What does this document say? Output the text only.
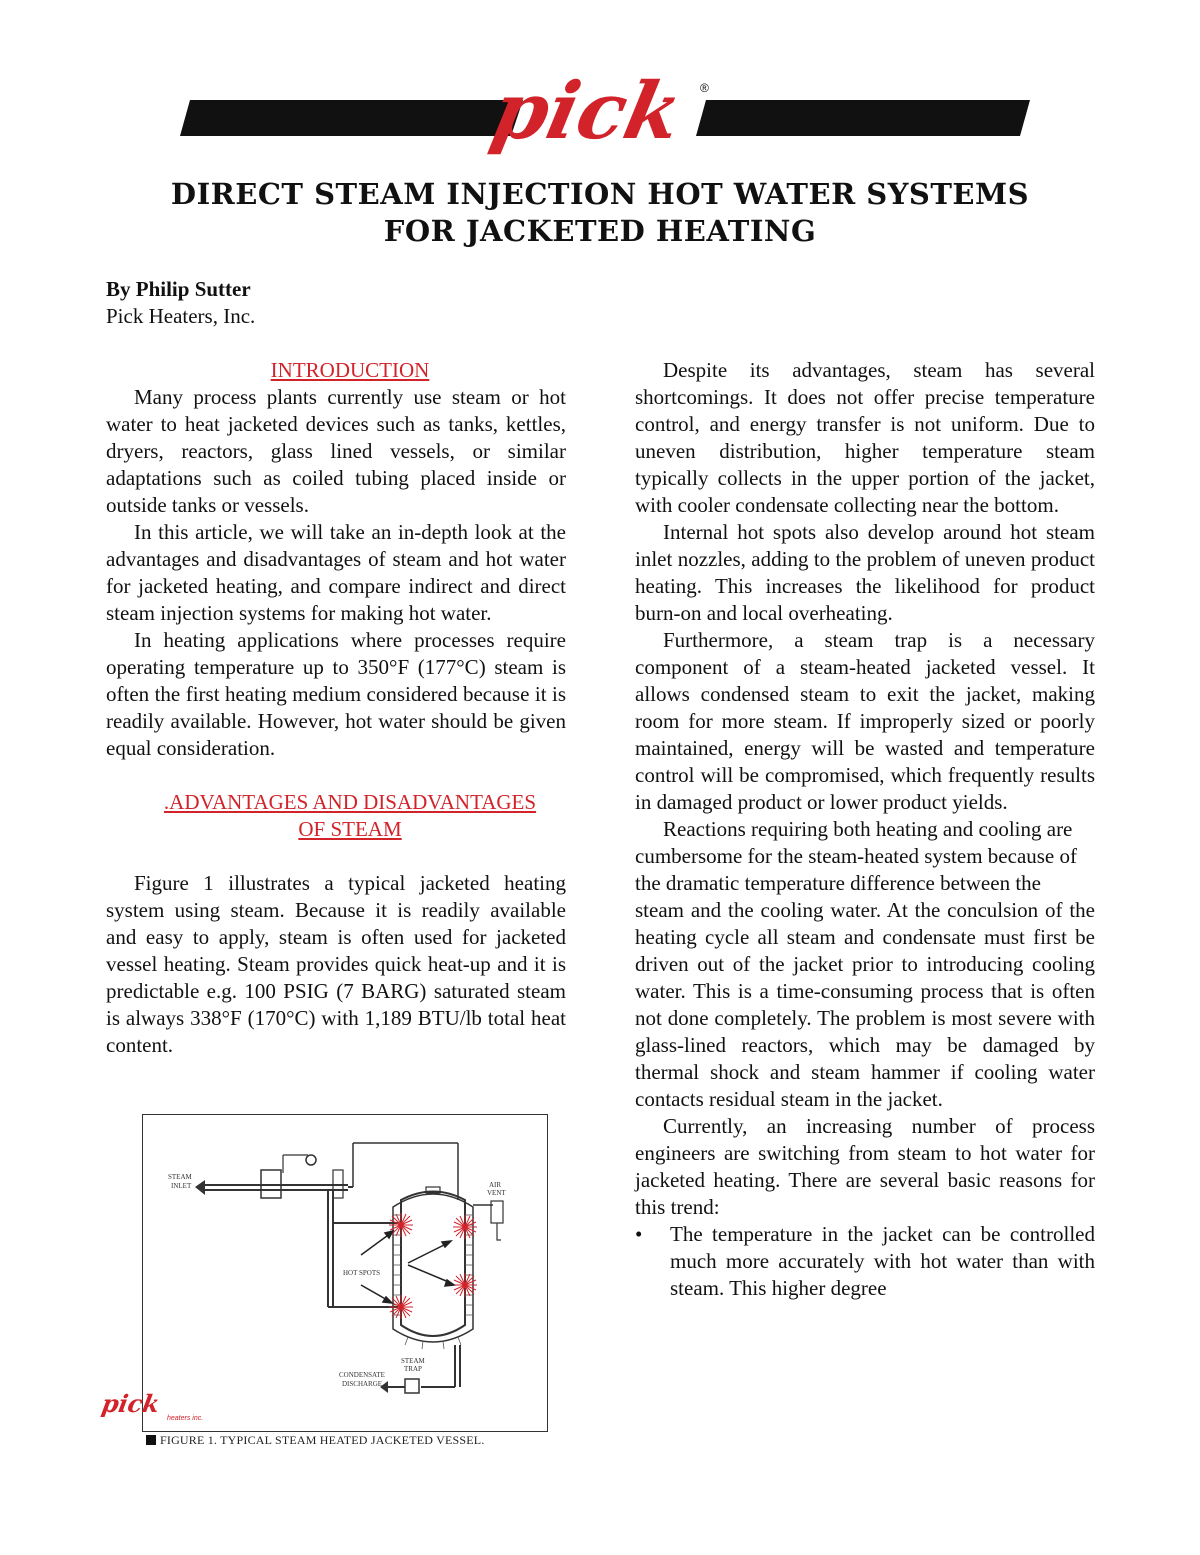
pick ®
DIRECT STEAM INJECTION HOT WATER SYSTEMS
FOR JACKETED HEATING
By Philip Sutter
Pick Heaters, Inc.

INTRODUCTION

Many process plants currently use steam or hot water to heat jacketed devices such as tanks, kettles, dryers, reactors, glass lined vessels, or similar adaptations such as coiled tubing placed inside or outside tanks or vessels.

In this article, we will take an in-depth look at the advantages and disadvantages of steam and hot water for jacketed heating, and compare indirect and direct steam injection systems for making hot water.

In heating applications where processes require operating temperature up to 350°F (177°C) steam is often the first heating medium considered because it is readily available. However, hot water should be given equal consideration.

.ADVANTAGES AND DISADVANTAGES

OF STEAM

Figure 1 illustrates a typical jacketed heating system using steam. Because it is readily available and easy to apply, steam is often used for jacketed vessel heating. Steam provides quick heat-up and it is predictable e.g. 100 PSIG (7 BARG) saturated steam is always 338°F (170°C) with 1,189 BTU/lb total heat content.

STEAM
INLET	AIR
VENT
HOT SPOTS
STEAM
TRAP
CONDENSATE
DISCHARGE
pick
heaters inc.
FIGURE 1. TYPICAL STEAM HEATED JACKETED VESSEL.

Despite its advantages, steam has several shortcomings. It does not offer precise temperature control, and energy transfer is not uniform. Due to uneven distribution, higher temperature steam typically collects in the upper portion of the jacket, with cooler condensate collecting near the bottom.

Internal hot spots also develop around hot steam inlet nozzles, adding to the problem of uneven product heating. This increases the likelihood for product burn-on and local overheating.

Furthermore, a steam trap is a necessary component of a steam-heated jacketed vessel. It allows condensed steam to exit the jacket, making room for more steam. If improperly sized or poorly maintained, energy will be wasted and temperature control will be compromised, which frequently results in damaged product or lower product yields.

Reactions requiring both heating and cooling are cumbersome for the steam-heated system because of the dramatic temperature difference between the

steam and the cooling water. At the conculsion of the heating cycle all steam and condensate must first be driven out of the jacket prior to introducing cooling water. This is a time-consuming process that is often not done completely. The problem is most severe with glass-lined reactors, which may be damaged by thermal shock and steam hammer if cooling water contacts residual steam in the jacket.

Currently, an increasing number of process engineers are switching from steam to hot water for jacketed heating. There are several basic reasons for this trend:

• The temperature in the jacket can be controlled much more accurately with hot water than with steam. This higher degree
